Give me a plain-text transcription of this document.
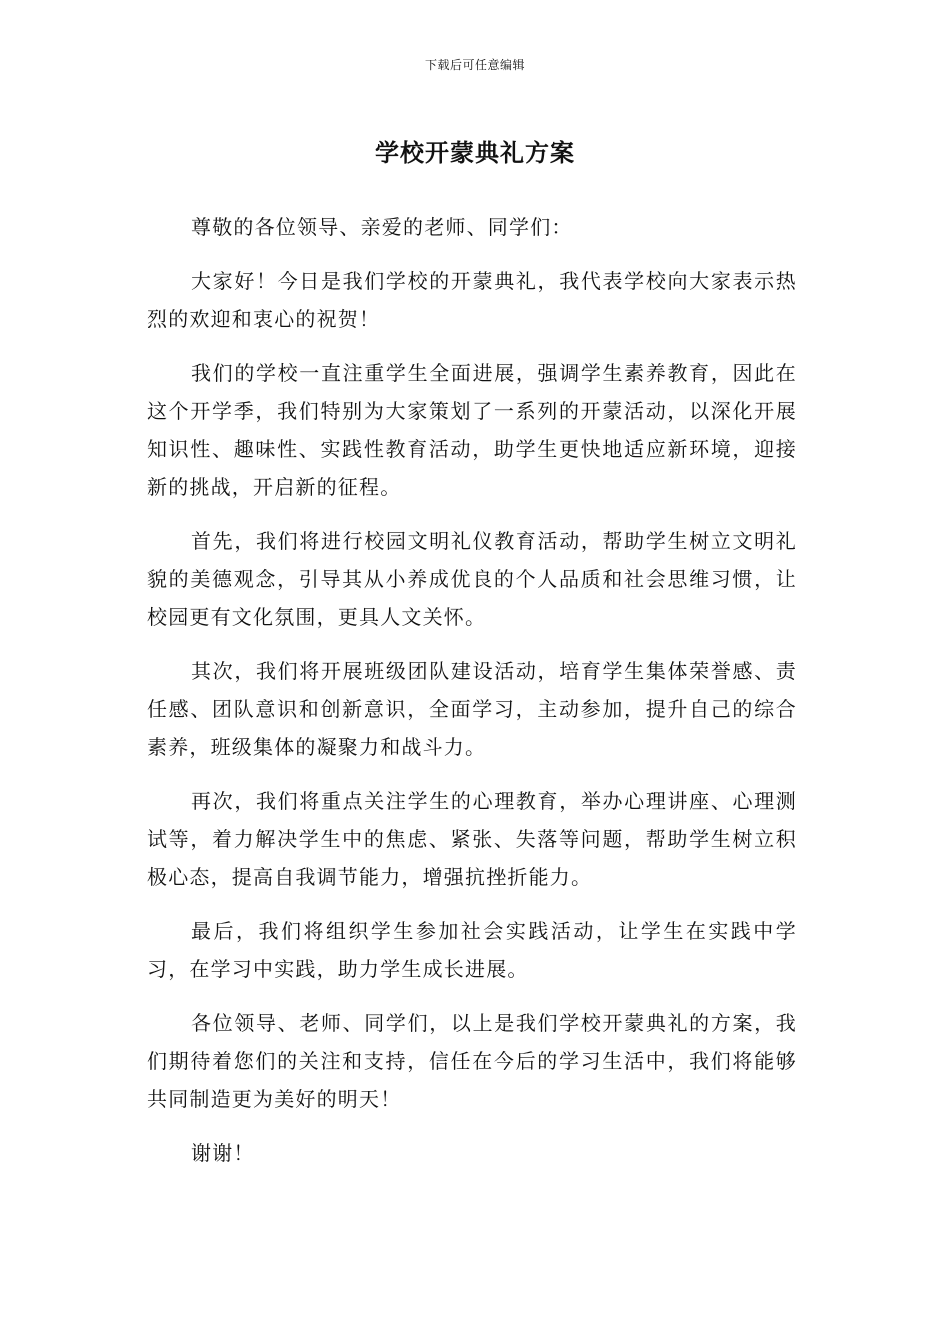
下载后可任意编辑
学校开蒙典礼方案

尊敬的各位领导、亲爱的老师、同学们：

大家好！今日是我们学校的开蒙典礼，我代表学校向大家表示热烈的欢迎和衷心的祝贺！

我们的学校一直注重学生全面进展，强调学生素养教育，因此在这个开学季，我们特别为大家策划了一系列的开蒙活动，以深化开展知识性、趣味性、实践性教育活动，助学生更快地适应新环境，迎接新的挑战，开启新的征程。

首先，我们将进行校园文明礼仪教育活动，帮助学生树立文明礼貌的美德观念，引导其从小养成优良的个人品质和社会思维习惯，让校园更有文化氛围，更具人文关怀。

其次，我们将开展班级团队建设活动，培育学生集体荣誉感、责任感、团队意识和创新意识，全面学习，主动参加，提升自己的综合素养，班级集体的凝聚力和战斗力。

再次，我们将重点关注学生的心理教育，举办心理讲座、心理测试等，着力解决学生中的焦虑、紧张、失落等问题，帮助学生树立积极心态，提高自我调节能力，增强抗挫折能力。

最后，我们将组织学生参加社会实践活动，让学生在实践中学习，在学习中实践，助力学生成长进展。

各位领导、老师、同学们，以上是我们学校开蒙典礼的方案，我们期待着您们的关注和支持，信任在今后的学习生活中，我们将能够共同制造更为美好的明天！

谢谢！
